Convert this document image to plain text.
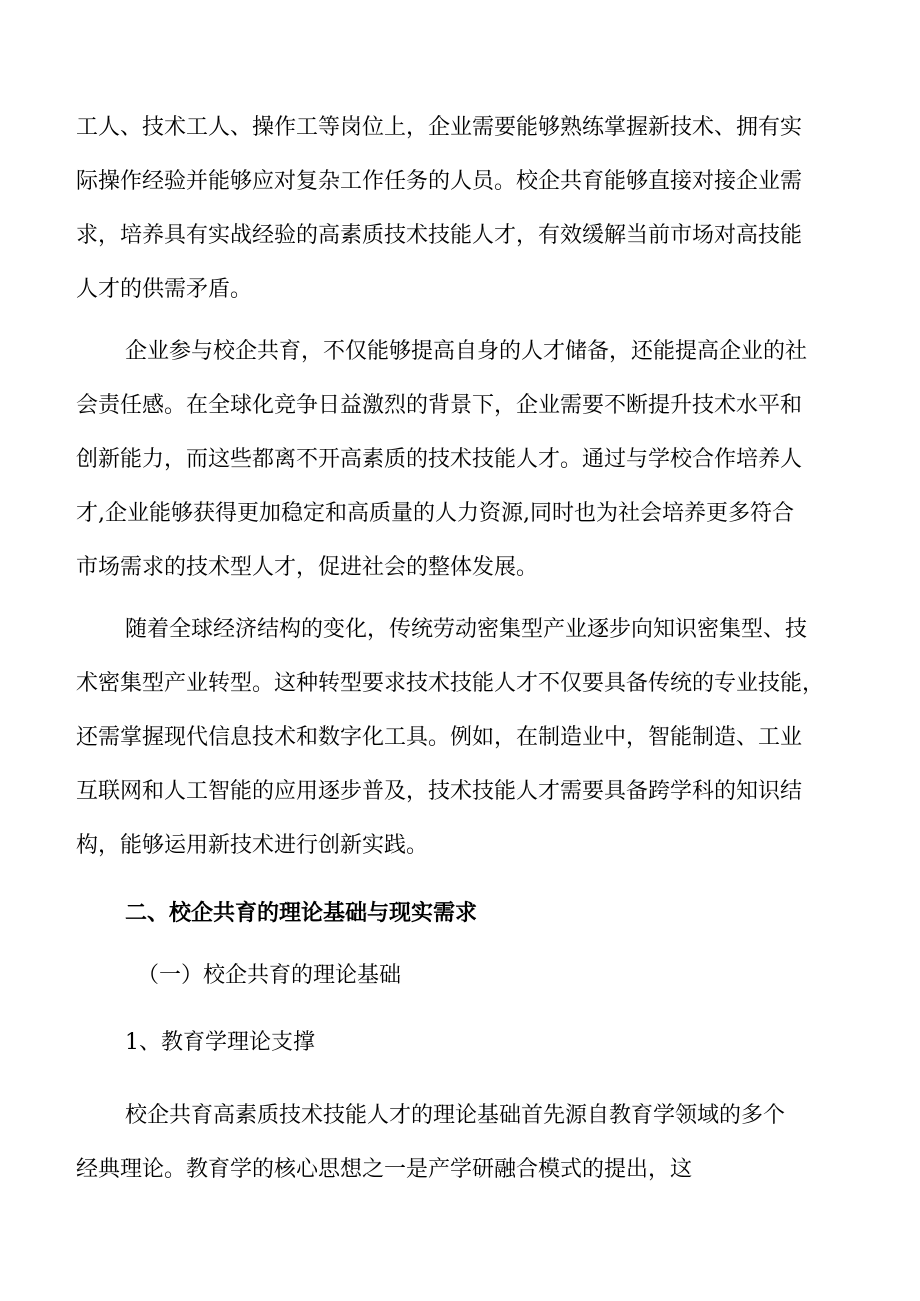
工人、技术工人、操作工等岗位上，企业需要能够熟练掌握新技术、拥有实
际操作经验并能够应对复杂工作任务的人员。校企共育能够直接对接企业需
求，培养具有实战经验的高素质技术技能人才，有效缓解当前市场对高技能
人才的供需矛盾。
企业参与校企共育，不仅能够提高自身的人才储备，还能提高企业的社
会责任感。在全球化竞争日益激烈的背景下，企业需要不断提升技术水平和
创新能力，而这些都离不开高素质的技术技能人才。通过与学校合作培养人
才,企业能够获得更加稳定和高质量的人力资源,同时也为社会培养更多符合
市场需求的技术型人才，促进社会的整体发展。
随着全球经济结构的变化，传统劳动密集型产业逐步向知识密集型、技
术密集型产业转型。这种转型要求技术技能人才不仅要具备传统的专业技能，
还需掌握现代信息技术和数字化工具。例如，在制造业中，智能制造、工业
互联网和人工智能的应用逐步普及，技术技能人才需要具备跨学科的知识结
构，能够运用新技术进行创新实践。
二、校企共育的理论基础与现实需求
（一）校企共育的理论基础
1、教育学理论支撑
校企共育高素质技术技能人才的理论基础首先源自教育学领域的多个
经典理论。教育学的核心思想之一是产学研融合模式的提出，这
